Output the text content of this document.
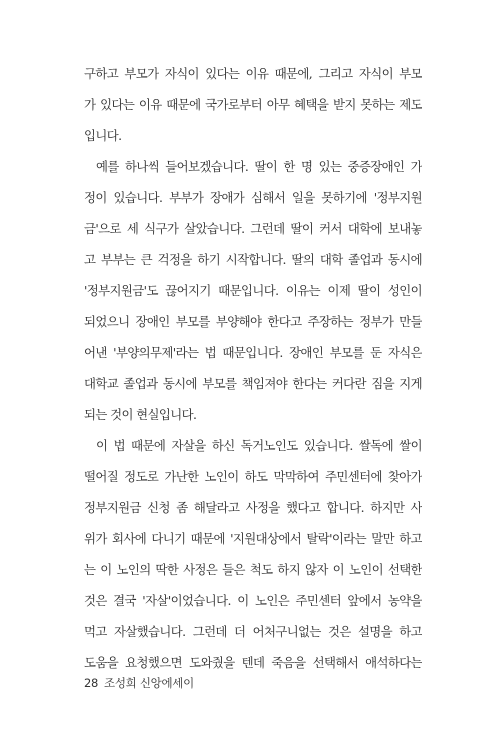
구하고 부모가 자식이 있다는 이유 때문에, 그리고 자식이 부모
가 있다는 이유 때문에 국가로부터 아무 혜택을 받지 못하는 제도
입니다.
예를 하나씩 들어보겠습니다. 딸이 한 명 있는 중증장애인 가
정이 있습니다. 부부가 장애가 심해서 일을 못하기에 '정부지원
금'으로 세 식구가 살았습니다. 그런데 딸이 커서 대학에 보내놓
고 부부는 큰 걱정을 하기 시작합니다. 딸의 대학 졸업과 동시에
'정부지원금'도 끊어지기 때문입니다. 이유는 이제 딸이 성인이
되었으니 장애인 부모를 부양해야 한다고 주장하는 정부가 만들
어낸 '부양의무제'라는 법 때문입니다. 장애인 부모를 둔 자식은
대학교 졸업과 동시에 부모를 책임져야 한다는 커다란 짐을 지게
되는 것이 현실입니다.
이 법 때문에 자살을 하신 독거노인도 있습니다. 쌀독에 쌀이
떨어질 정도로 가난한 노인이 하도 막막하여 주민센터에 찾아가
정부지원금 신청 좀 해달라고 사정을 했다고 합니다. 하지만 사
위가 회사에 다니기 때문에 '지원대상에서 탈락'이라는 말만 하고
는 이 노인의 딱한 사정은 들은 척도 하지 않자 이 노인이 선택한
것은 결국 '자살'이었습니다. 이 노인은 주민센터 앞에서 농약을
먹고 자살했습니다. 그런데 더 어처구니없는 것은 설명을 하고
도움을 요청했으면 도와줬을 텐데 죽음을 선택해서 애석하다는
28 조성희 신앙에세이
